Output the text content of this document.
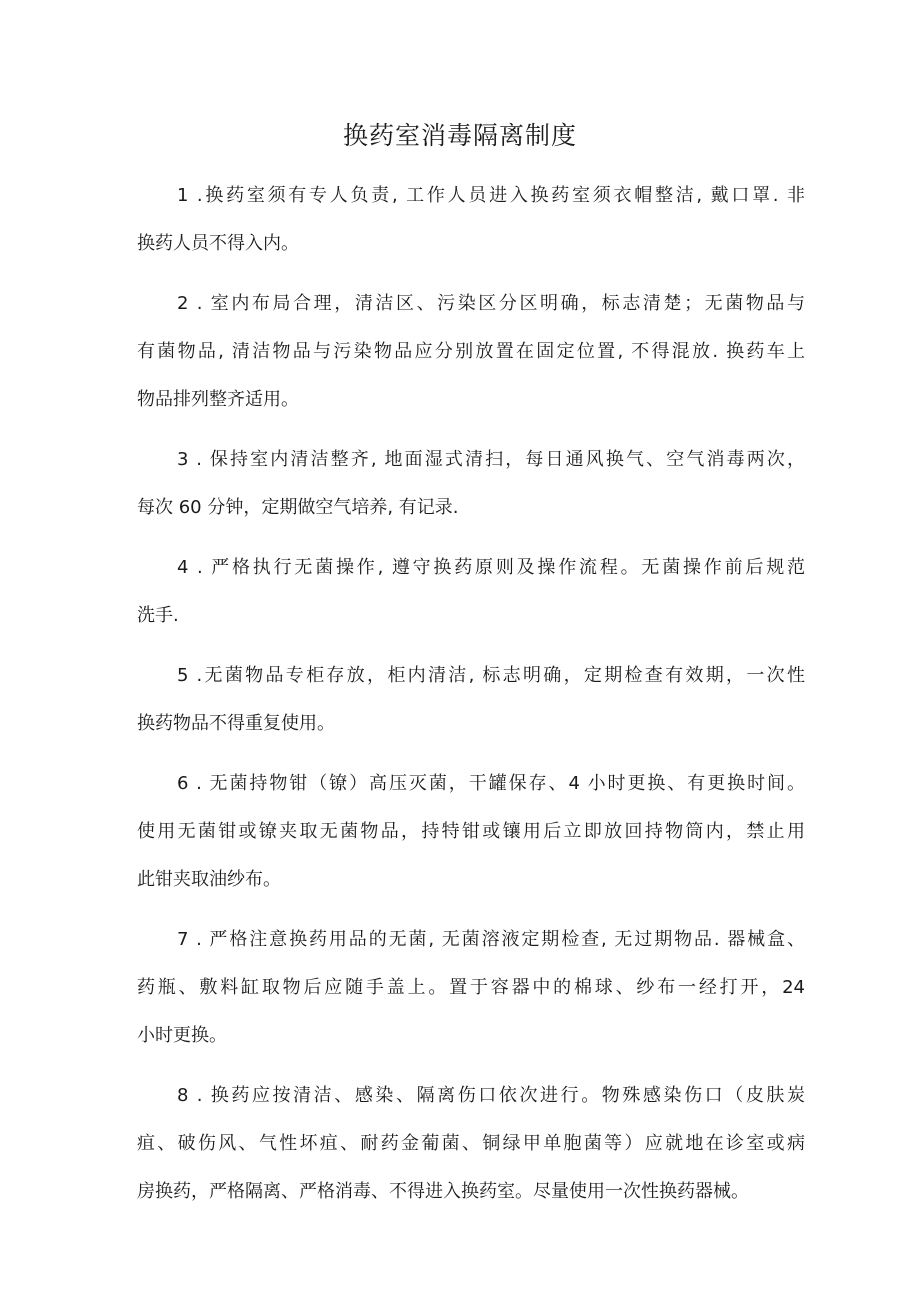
换药室消毒隔离制度
1 .换药室须有专人负责, 工作人员进入换药室须衣帽整洁, 戴口罩. 非
换药人员不得入内。
2 . 室内布局合理，清洁区、污染区分区明确，标志清楚；无菌物品与
有菌物品, 清洁物品与污染物品应分别放置在固定位置, 不得混放. 换药车上
物品排列整齐适用。
3 . 保持室内清洁整齐, 地面湿式清扫，每日通风换气、空气消毒两次，
每次 60 分钟，定期做空气培养, 有记录.
4 . 严格执行无菌操作, 遵守换药原则及操作流程。无菌操作前后规范
洗手.
5 .无菌物品专柜存放，柜内清洁, 标志明确，定期检查有效期，一次性
换药物品不得重复使用。
6 . 无菌持物钳（镣）高压灭菌，干罐保存、4 小时更换、有更换时间。
使用无菌钳或镣夹取无菌物品，持特钳或镶用后立即放回持物筒内，禁止用
此钳夹取油纱布。
7 . 严格注意换药用品的无菌, 无菌溶液定期检查, 无过期物品. 器械盒、
药瓶、敷料缸取物后应随手盖上。置于容器中的棉球、纱布一经打开，24
小时更换。
8 . 换药应按清洁、感染、隔离伤口依次进行。物殊感染伤口（皮肤炭
疽、破伤风、气性坏疽、耐药金葡菌、铜绿甲单胞菌等）应就地在诊室或病
房换药，严格隔离、严格消毒、不得进入换药室。尽量使用一次性换药器械。
